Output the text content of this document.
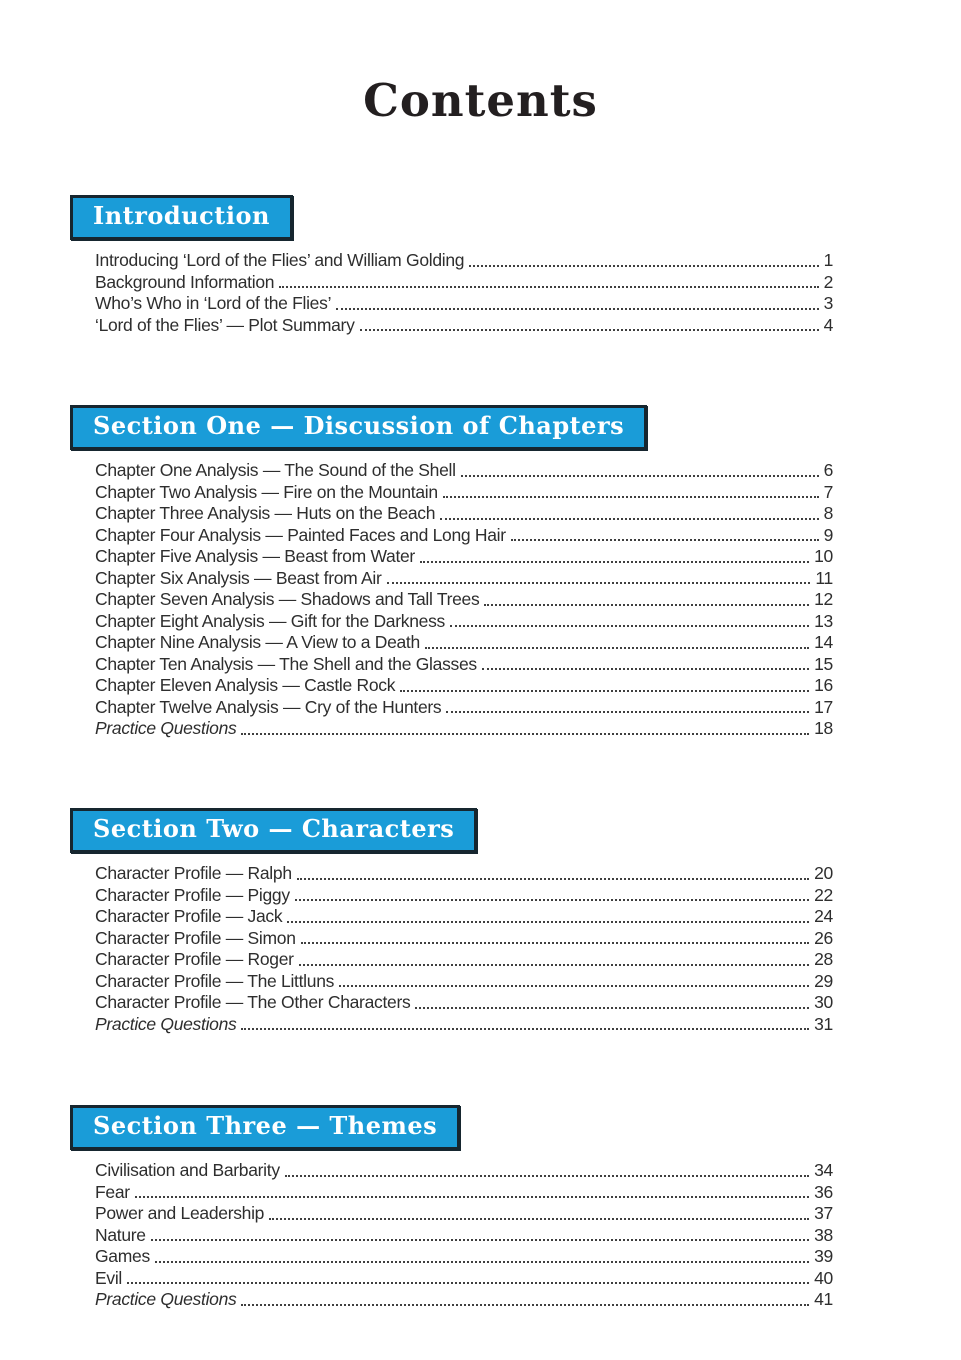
Contents
Introduction
Introducing ‘Lord of the Flies’ and William Golding	1
Background Information	2
Who’s Who in ‘Lord of the Flies’	3
‘Lord of the Flies’ — Plot Summary	4
Section One — Discussion of Chapters
Chapter One Analysis — The Sound of the Shell	6
Chapter Two Analysis — Fire on the Mountain	7
Chapter Three Analysis — Huts on the Beach	8
Chapter Four Analysis — Painted Faces and Long Hair	9
Chapter Five Analysis — Beast from Water	10
Chapter Six Analysis — Beast from Air	11
Chapter Seven Analysis — Shadows and Tall Trees	12
Chapter Eight Analysis — Gift for the Darkness	13
Chapter Nine Analysis — A View to a Death	14
Chapter Ten Analysis — The Shell and the Glasses	15
Chapter Eleven Analysis — Castle Rock	16
Chapter Twelve Analysis — Cry of the Hunters	17
Practice Questions	18
Section Two — Characters
Character Profile — Ralph	20
Character Profile — Piggy	22
Character Profile — Jack	24
Character Profile — Simon	26
Character Profile — Roger	28
Character Profile — The Littluns	29
Character Profile — The Other Characters	30
Practice Questions	31
Section Three — Themes
Civilisation and Barbarity	34
Fear	36
Power and Leadership	37
Nature	38
Games	39
Evil	40
Practice Questions	41
